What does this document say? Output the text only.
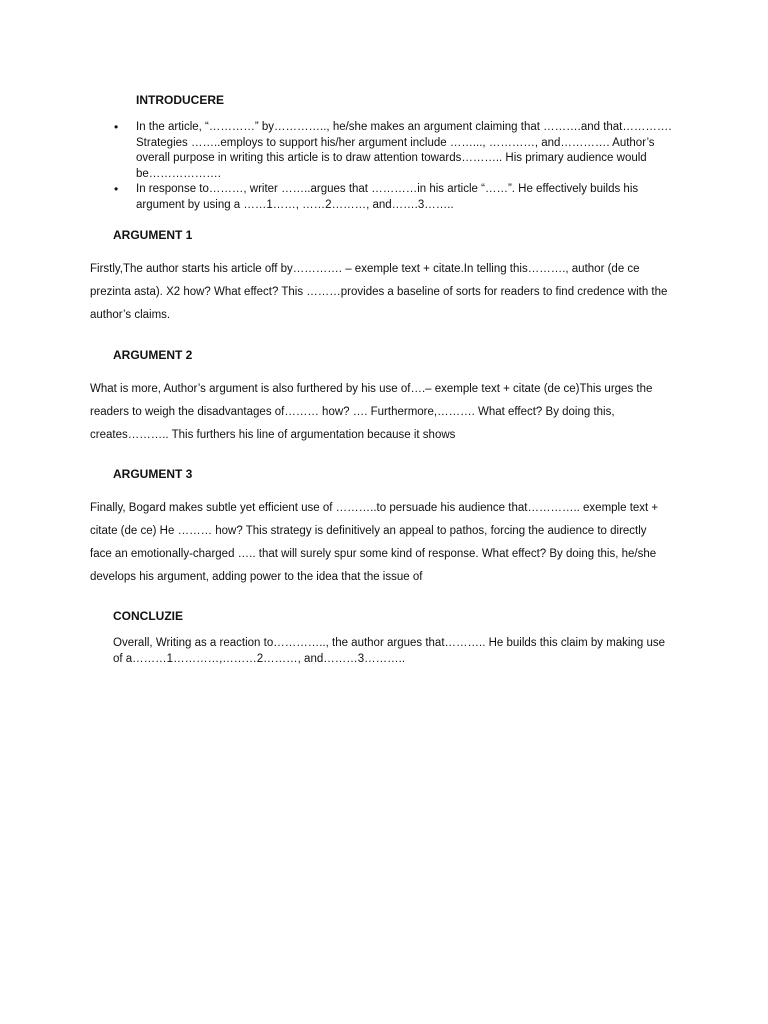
INTRODUCERE
• In the article, “…………” by………….., he/she makes an argument claiming that ……….and that…………. Strategies ……..employs to support his/her argument include ……..., …………, and…………. Author’s overall purpose in writing this article is to draw attention towards……….. His primary audience would be……………….
• In response to………, writer ……..argues that …………in his article “……”. He effectively builds his argument by using a ……1……, ……2………, and…….3……..
ARGUMENT 1

Firstly,The author starts his article off by…………. – exemple text + citate.In telling this………., author (de ce prezinta asta). X2 how? What effect? This ………provides a baseline of sorts for readers to find credence with the author’s claims.

ARGUMENT 2

What is more, Author’s argument is also furthered by his use of….– exemple text + citate (de ce)This urges the readers to weigh the disadvantages of……… how? …. Furthermore,………. What effect? By doing this, creates……….. This furthers his line of argumentation because it shows

ARGUMENT 3

Finally, Bogard makes subtle yet efficient use of ………..to persuade his audience that………….. exemple text + citate (de ce) He ……… how? This strategy is definitively an appeal to pathos, forcing the audience to directly face an emotionally-charged ….. that will surely spur some kind of response. What effect? By doing this, he/she develops his argument, adding power to the idea that the issue of

CONCLUZIE

Overall, Writing as a reaction to………….., the author argues that……….. He builds this claim by making use of a………1…………,………2………, and………3………..
